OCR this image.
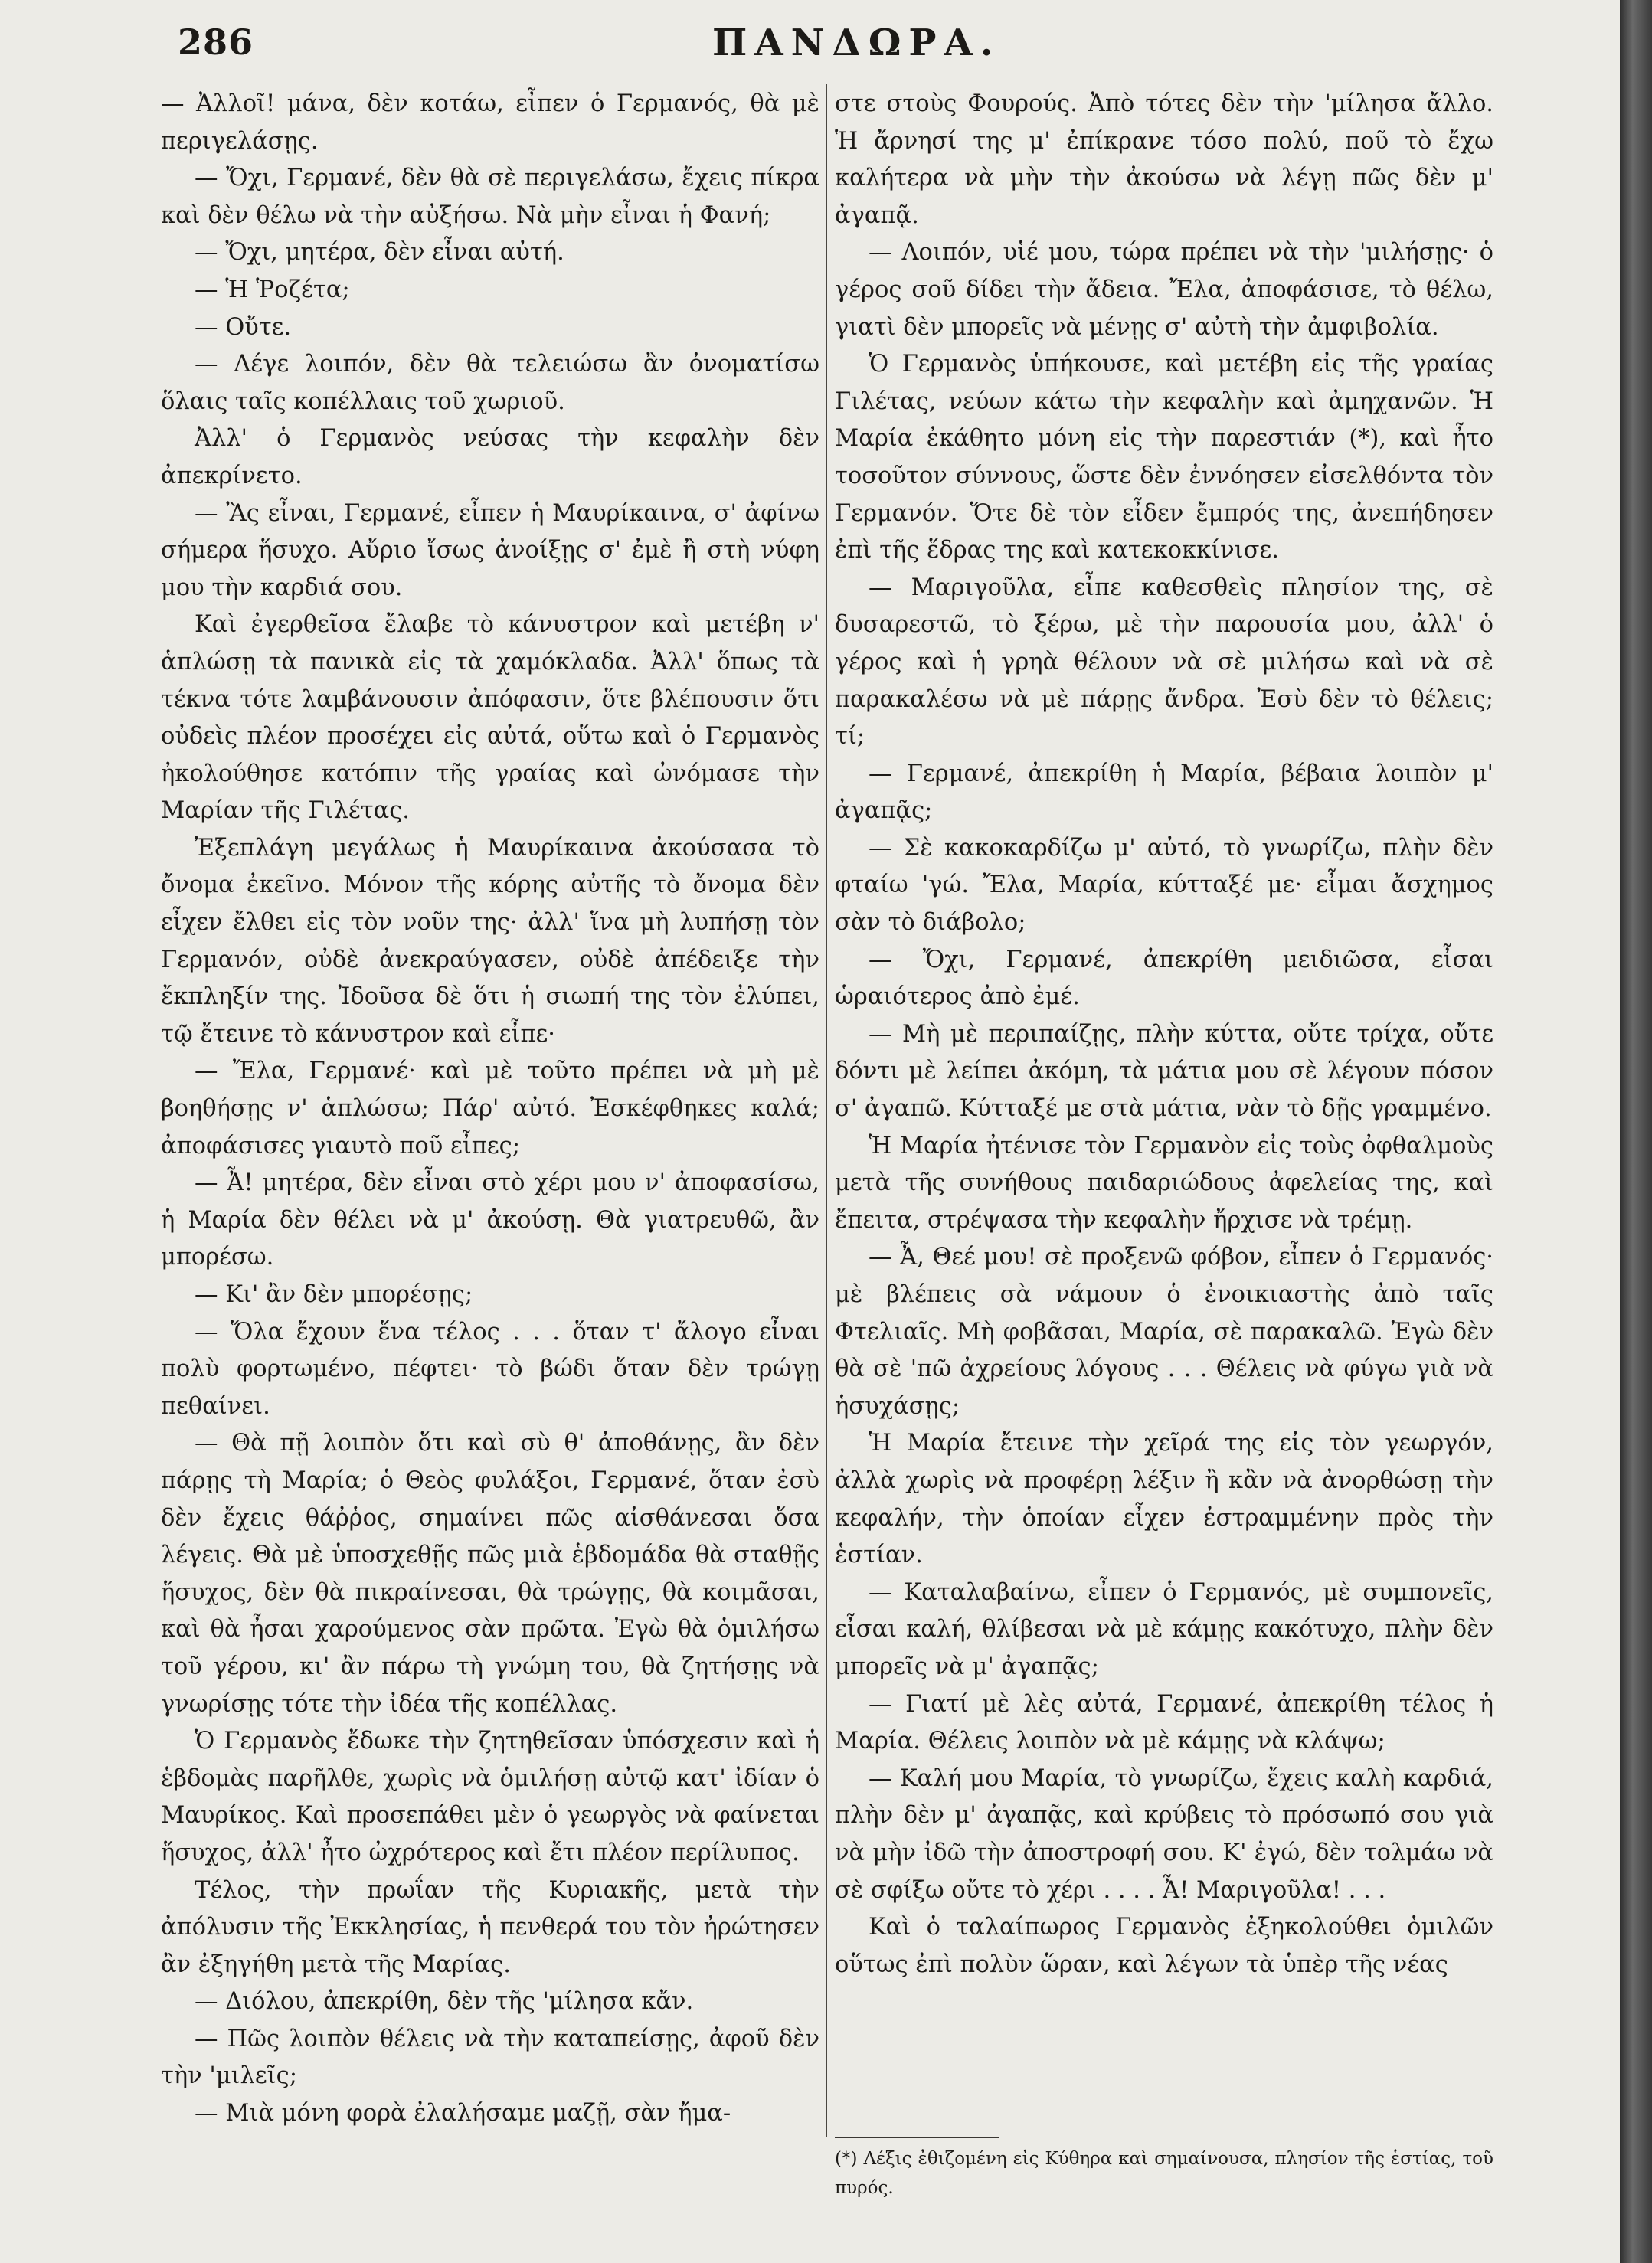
286	ΠΑΝΔΩΡΑ.

— Ἀλλοῖ! μάνα, δὲν κοτάω, εἶπεν ὁ Γερμανός, θὰ μὲ περιγελάσῃς.

— Ὄχι, Γερμανέ, δὲν θὰ σὲ περιγελάσω, ἔχεις πίκρα καὶ δὲν θέλω νὰ τὴν αὐξήσω. Νὰ μὴν εἶναι ἡ Φανή;

— Ὄχι, μητέρα, δὲν εἶναι αὐτή.

— Ἡ Ῥοζέτα;

— Οὔτε.

— Λέγε λοιπόν, δὲν θὰ τελειώσω ἂν ὀνοματίσω ὅλαις ταῖς κοπέλλαις τοῦ χωριοῦ.

Ἀλλ' ὁ Γερμανὸς νεύσας τὴν κεφαλὴν δὲν ἀπεκρίνετο.

— Ἂς εἶναι, Γερμανέ, εἶπεν ἡ Μαυρίκαινα, σ' ἀφίνω σήμερα ἥσυχο. Αὔριο ἴσως ἀνοίξῃς σ' ἐμὲ ἢ στὴ νύφη μου τὴν καρδιά σου.

Καὶ ἐγερθεῖσα ἔλαβε τὸ κάνυστρον καὶ μετέβη ν' ἁπλώσῃ τὰ πανικὰ εἰς τὰ χαμόκλαδα. Ἀλλ' ὅπως τὰ τέκνα τότε λαμβάνουσιν ἀπόφασιν, ὅτε βλέπουσιν ὅτι οὐδεὶς πλέον προσέχει εἰς αὐτά, οὕτω καὶ ὁ Γερμανὸς ἠκολούθησε κατόπιν τῆς γραίας καὶ ὠνόμασε τὴν Μαρίαν τῆς Γιλέτας.

Ἐξεπλάγη μεγάλως ἡ Μαυρίκαινα ἀκούσασα τὸ ὄνομα ἐκεῖνο. Μόνον τῆς κόρης αὐτῆς τὸ ὄνομα δὲν εἶχεν ἔλθει εἰς τὸν νοῦν της· ἀλλ' ἵνα μὴ λυπήσῃ τὸν Γερμανόν, οὐδὲ ἀνεκραύγασεν, οὐδὲ ἀπέδειξε τὴν ἔκπληξίν της. Ἰδοῦσα δὲ ὅτι ἡ σιωπή της τὸν ἐλύπει, τῷ ἔτεινε τὸ κάνυστρον καὶ εἶπε·

— Ἔλα, Γερμανέ· καὶ μὲ τοῦτο πρέπει νὰ μὴ μὲ βοηθήσῃς ν' ἁπλώσω; Πάρ' αὐτό. Ἐσκέφθηκες καλά; ἀποφάσισες γιαυτὸ ποῦ εἶπες;

— Ἆ! μητέρα, δὲν εἶναι στὸ χέρι μου ν' ἀποφασίσω, ἡ Μαρία δὲν θέλει νὰ μ' ἀκούσῃ. Θὰ γιατρευθῶ, ἂν μπορέσω.

— Κι' ἂν δὲν μπορέσῃς;

— Ὅλα ἔχουν ἕνα τέλος . . . ὅταν τ' ἄλογο εἶναι πολὺ φορτωμένο, πέφτει· τὸ βώδι ὅταν δὲν τρώγῃ πεθαίνει.

— Θὰ πῇ λοιπὸν ὅτι καὶ σὺ θ' ἀποθάνῃς, ἂν δὲν πάρῃς τὴ Μαρία; ὁ Θεὸς φυλάξοι, Γερμανέ, ὅταν ἐσὺ δὲν ἔχεις θάῤῥος, σημαίνει πῶς αἰσθάνεσαι ὅσα λέγεις. Θὰ μὲ ὑποσχεθῇς πῶς μιὰ ἑβδομάδα θὰ σταθῇς ἥσυχος, δὲν θὰ πικραίνεσαι, θὰ τρώγῃς, θὰ κοιμᾶσαι, καὶ θὰ ἦσαι χαρούμενος σὰν πρῶτα. Ἐγὼ θὰ ὁμιλήσω τοῦ γέρου, κι' ἂν πάρω τὴ γνώμη του, θὰ ζητήσῃς νὰ γνωρίσῃς τότε τὴν ἰδέα τῆς κοπέλλας.

Ὁ Γερμανὸς ἔδωκε τὴν ζητηθεῖσαν ὑπόσχεσιν καὶ ἡ ἑβδομὰς παρῆλθε, χωρὶς νὰ ὁμιλήσῃ αὐτῷ κατ' ἰδίαν ὁ Μαυρίκος. Καὶ προσεπάθει μὲν ὁ γεωργὸς νὰ φαίνεται ἥσυχος, ἀλλ' ἦτο ὠχρότερος καὶ ἔτι πλέον περίλυπος.

Τέλος, τὴν πρωΐαν τῆς Κυριακῆς, μετὰ τὴν ἀπόλυσιν τῆς Ἐκκλησίας, ἡ πενθερά του τὸν ἠρώτησεν ἂν ἐξηγήθη μετὰ τῆς Μαρίας.

— Διόλου, ἀπεκρίθη, δὲν τῆς 'μίλησα κἄν.

— Πῶς λοιπὸν θέλεις νὰ τὴν καταπείσῃς, ἀφοῦ δὲν τὴν 'μιλεῖς;

— Μιὰ μόνη φορὰ ἐλαλήσαμε μαζῇ, σὰν ἤμα-

στε στοὺς Φουρούς. Ἀπὸ τότες δὲν τὴν 'μίλησα ἄλλο. Ἡ ἄρνησί της μ' ἐπίκρανε τόσο πολύ, ποῦ τὸ ἔχω καλήτερα νὰ μὴν τὴν ἀκούσω νὰ λέγῃ πῶς δὲν μ' ἀγαπᾷ.

— Λοιπόν, υἱέ μου, τώρα πρέπει νὰ τὴν 'μιλήσῃς· ὁ γέρος σοῦ δίδει τὴν ἄδεια. Ἔλα, ἀποφάσισε, τὸ θέλω, γιατὶ δὲν μπορεῖς νὰ μένῃς σ' αὐτὴ τὴν ἀμφιβολία.

Ὁ Γερμανὸς ὑπήκουσε, καὶ μετέβη εἰς τῆς γραίας Γιλέτας, νεύων κάτω τὴν κεφαλὴν καὶ ἀμηχανῶν. Ἡ Μαρία ἐκάθητο μόνη εἰς τὴν παρεστιάν (*), καὶ ἦτο τοσοῦτον σύννους, ὥστε δὲν ἐννόησεν εἰσελθόντα τὸν Γερμανόν. Ὅτε δὲ τὸν εἶδεν ἔμπρός της, ἀνεπήδησεν ἐπὶ τῆς ἕδρας της καὶ κατεκοκκίνισε.

— Μαριγοῦλα, εἶπε καθεσθεὶς πλησίον της, σὲ δυσαρεστῶ, τὸ ξέρω, μὲ τὴν παρουσία μου, ἀλλ' ὁ γέρος καὶ ἡ γρηὰ θέλουν νὰ σὲ μιλήσω καὶ νὰ σὲ παρακαλέσω νὰ μὲ πάρῃς ἄνδρα. Ἐσὺ δὲν τὸ θέλεις; τί;

— Γερμανέ, ἀπεκρίθη ἡ Μαρία, βέβαια λοιπὸν μ' ἀγαπᾷς;

— Σὲ κακοκαρδίζω μ' αὐτό, τὸ γνωρίζω, πλὴν δὲν φταίω 'γώ. Ἔλα, Μαρία, κύτταξέ με· εἶμαι ἄσχημος σὰν τὸ διάβολο;

— Ὄχι, Γερμανέ, ἀπεκρίθη μειδιῶσα, εἶσαι ὡραιότερος ἀπὸ ἐμέ.

— Μὴ μὲ περιπαίζῃς, πλὴν κύττα, οὔτε τρίχα, οὔτε δόντι μὲ λείπει ἀκόμη, τὰ μάτια μου σὲ λέγουν πόσον σ' ἀγαπῶ. Κύτταξέ με στὰ μάτια, νὰν τὸ δῇς γραμμένο.

Ἡ Μαρία ἠτένισε τὸν Γερμανὸν εἰς τοὺς ὀφθαλμοὺς μετὰ τῆς συνήθους παιδαριώδους ἀφελείας της, καὶ ἔπειτα, στρέψασα τὴν κεφαλὴν ἤρχισε νὰ τρέμῃ.

— Ἆ, Θεέ μου! σὲ προξενῶ φόβον, εἶπεν ὁ Γερμανός· μὲ βλέπεις σὰ νάμουν ὁ ἐνοικιαστὴς ἀπὸ ταῖς Φτελιαῖς. Μὴ φοβᾶσαι, Μαρία, σὲ παρακαλῶ. Ἐγὼ δὲν θὰ σὲ 'πῶ ἀχρείους λόγους . . . Θέλεις νὰ φύγω γιὰ νὰ ἡσυχάσῃς;

Ἡ Μαρία ἔτεινε τὴν χεῖρά της εἰς τὸν γεωργόν, ἀλλὰ χωρὶς νὰ προφέρῃ λέξιν ἢ κἂν νὰ ἀνορθώσῃ τὴν κεφαλήν, τὴν ὁποίαν εἶχεν ἐστραμμένην πρὸς τὴν ἑστίαν.

— Καταλαβαίνω, εἶπεν ὁ Γερμανός, μὲ συμπονεῖς, εἶσαι καλή, θλίβεσαι νὰ μὲ κάμῃς κακότυχο, πλὴν δὲν μπορεῖς νὰ μ' ἀγαπᾷς;

— Γιατί μὲ λὲς αὐτά, Γερμανέ, ἀπεκρίθη τέλος ἡ Μαρία. Θέλεις λοιπὸν νὰ μὲ κάμῃς νὰ κλάψω;

— Καλή μου Μαρία, τὸ γνωρίζω, ἔχεις καλὴ καρδιά, πλὴν δὲν μ' ἀγαπᾷς, καὶ κρύβεις τὸ πρόσωπό σου γιὰ νὰ μὴν ἰδῶ τὴν ἀποστροφή σου. Κ' ἐγώ, δὲν τολμάω νὰ σὲ σφίξω οὔτε τὸ χέρι . . . . Ἆ! Μαριγοῦλα! . . .

Καὶ ὁ ταλαίπωρος Γερμανὸς ἐξηκολούθει ὁμιλῶν οὕτως ἐπὶ πολὺν ὥραν, καὶ λέγων τὰ ὑπὲρ τῆς νέας

(*) Λέξις ἐθιζομένη εἰς Κύθηρα καὶ σημαίνουσα, πλησίον τῆς ἑστίας, τοῦ πυρός.
